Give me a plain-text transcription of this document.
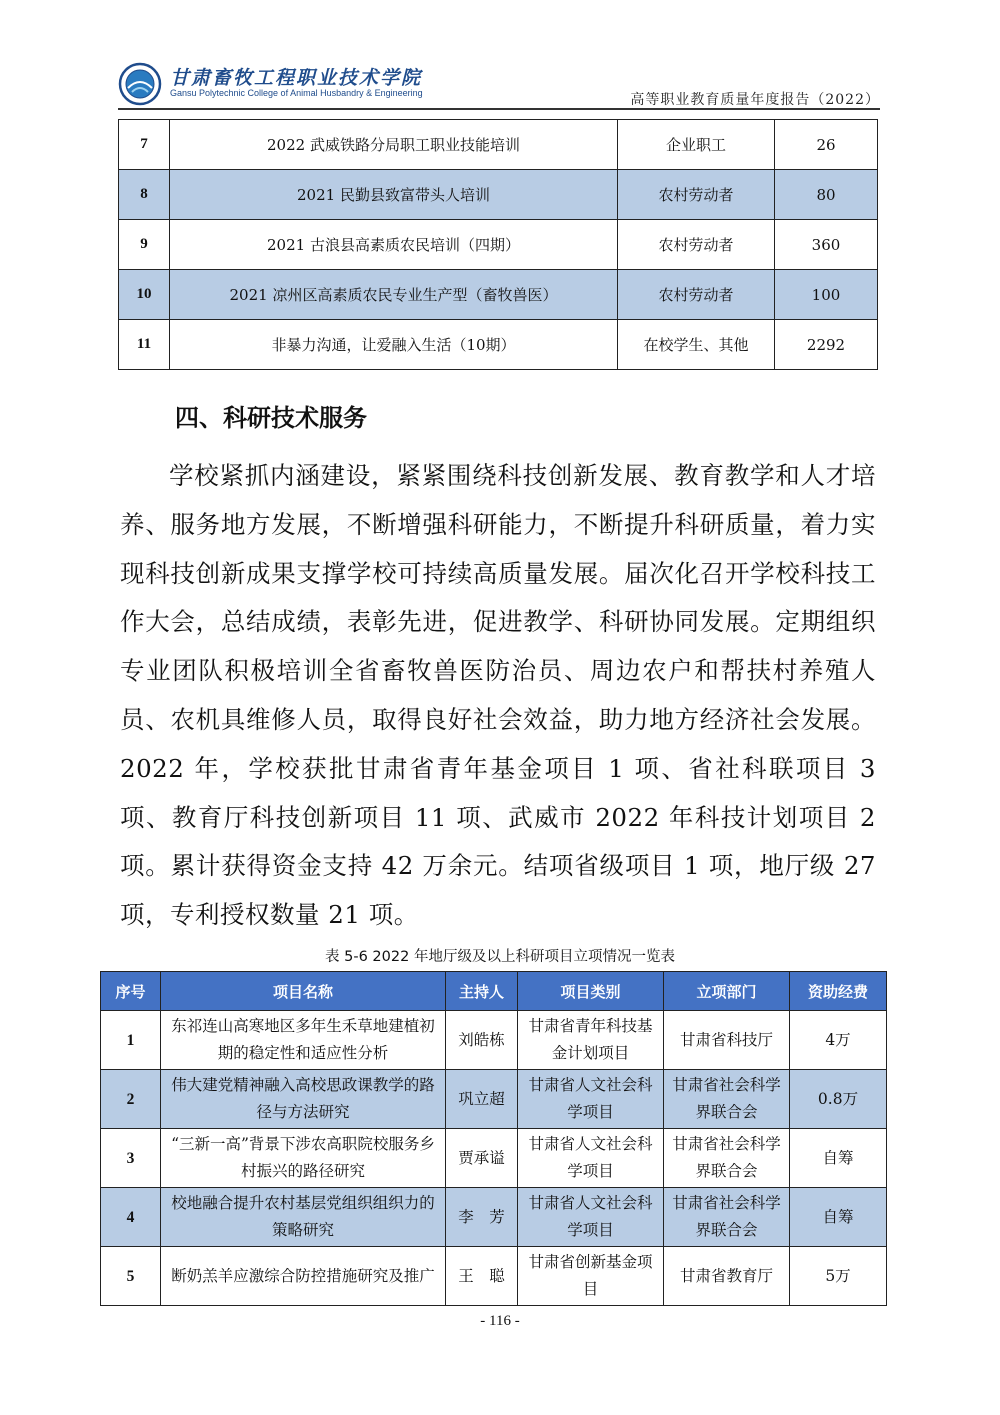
甘肃畜牧工程职业技术学院
Gansu Polytechnic College of Animal Husbandry & Engineering	高等职业教育质量年度报告（2022）
7	2022 武威铁路分局职工职业技能培训	企业职工	26
8	2021 民勤县致富带头人培训	农村劳动者	80
9	2021 古浪县高素质农民培训（四期）	农村劳动者	360
10	2021 凉州区高素质农民专业生产型（畜牧兽医）	农村劳动者	100
11	非暴力沟通，让爱融入生活（10期）	在校学生、其他	2292
四、科研技术服务

学校紧抓内涵建设，紧紧围绕科技创新发展、教育教学和人才培养、服务地方发展，不断增强科研能力，不断提升科研质量，着力实现科技创新成果支撑学校可持续高质量发展。届次化召开学校科技工作大会，总结成绩，表彰先进，促进教学、科研协同发展。定期组织专业团队积极培训全省畜牧兽医防治员、周边农户和帮扶村养殖人员、农机具维修人员，取得良好社会效益，助力地方经济社会发展。2022 年，学校获批甘肃省青年基金项目 1 项、省社科联项目 3 项、教育厅科技创新项目 11 项、武威市 2022 年科技计划项目 2 项。累计获得资金支持 42 万余元。结项省级项目 1 项，地厅级 27 项，专利授权数量 21 项。

表 5-6 2022 年地厅级及以上科研项目立项情况一览表
序号	项目名称	主持人	项目类别	立项部门	资助经费
1	东祁连山高寒地区多年生禾草地建植初期的稳定性和适应性分析	刘皓栋	甘肃省青年科技基金计划项目	甘肃省科技厅	4万
2	伟大建党精神融入高校思政课教学的路径与方法研究	巩立超	甘肃省人文社会科学项目	甘肃省社会科学界联合会	0.8万
3	“三新一高”背景下涉农高职院校服务乡村振兴的路径研究	贾承谥	甘肃省人文社会科学项目	甘肃省社会科学界联合会	自筹
4	校地融合提升农村基层党组织组织力的策略研究	李　芳	甘肃省人文社会科学项目	甘肃省社会科学界联合会	自筹
5	断奶羔羊应激综合防控措施研究及推广	王　聪	甘肃省创新基金项目	甘肃省教育厅	5万
- 116 -
